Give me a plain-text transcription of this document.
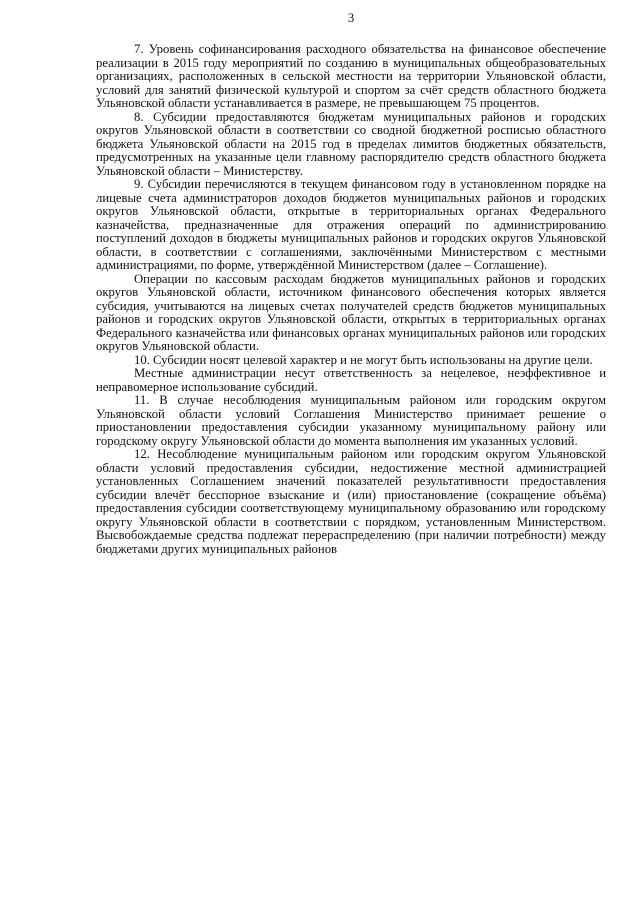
3

7. Уровень софинансирования расходного обязательства на финансовое обеспечение реализации в 2015 году мероприятий по созданию в муниципальных общеобразовательных организациях, расположенных в сельской местности на территории Ульяновской области, условий для занятий физической культурой и спортом за счёт средств областного бюджета Ульяновской области устанавливается в размере, не превышающем 75 процентов.

8. Субсидии предоставляются бюджетам муниципальных районов и городских округов Ульяновской области в соответствии со сводной бюджетной росписью областного бюджета Ульяновской области на 2015 год в пределах лимитов бюджетных обязательств, предусмотренных на указанные цели главному распорядителю средств областного бюджета Ульяновской области – Министерству.

9. Субсидии перечисляются в текущем финансовом году в установленном порядке на лицевые счета администраторов доходов бюджетов муниципальных районов и городских округов Ульяновской области, открытые в территориальных органах Федерального казначейства, предназначенные для отражения операций по администрированию поступлений доходов в бюджеты муниципальных районов и городских округов Ульяновской области, в соответствии с соглашениями, заключёнными Министерством с местными администрациями, по форме, утверждённой Министерством (далее – Соглашение).

Операции по кассовым расходам бюджетов муниципальных районов и городских округов Ульяновской области, источником финансового обеспечения которых является субсидия, учитываются на лицевых счетах получателей средств бюджетов муниципальных районов и городских округов Ульяновской области, открытых в территориальных органах Федерального казначейства или финансовых органах муниципальных районов или городских округов Ульяновской области.

10. Субсидии носят целевой характер и не могут быть использованы на другие цели.

Местные администрации несут ответственность за нецелевое, неэффективное и неправомерное использование субсидий.

11. В случае несоблюдения муниципальным районом или городским округом Ульяновской области условий Соглашения Министерство принимает решение о приостановлении предоставления субсидии указанному муниципальному району или городскому округу Ульяновской области до момента выполнения им указанных условий.

12. Несоблюдение муниципальным районом или городским округом Ульяновской области условий предоставления субсидии, недостижение местной администрацией установленных Соглашением значений показателей результативности предоставления субсидии влечёт бесспорное взыскание и (или) приостановление (сокращение объёма) предоставления субсидии соответствующему муниципальному образованию или городскому округу Ульяновской области в соответствии с порядком, установленным Министерством. Высвобождаемые средства подлежат перераспределению (при наличии потребности) между бюджетами других муниципальных районов
